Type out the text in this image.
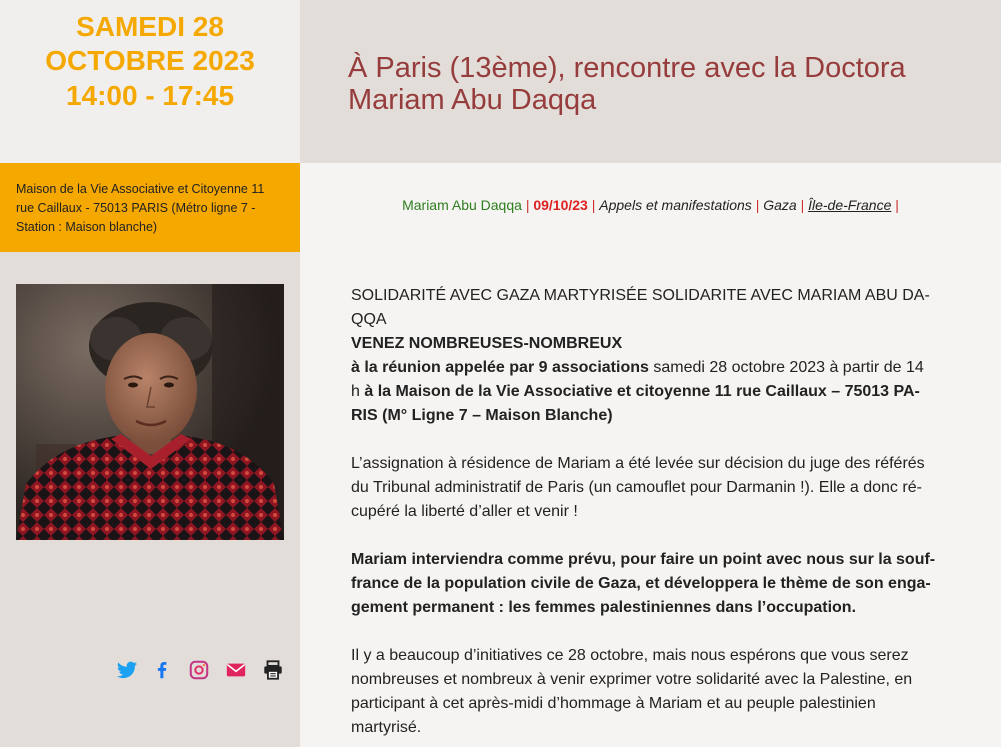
SAMEDI 28
OCTOBRE 2023
14:00 - 17:45
Maison de la Vie Associative et Citoyenne 11
rue Caillaux - 75013 PARIS (Métro ligne 7 -
Station : Maison blanche)
À Paris (13ème), rencontre avec la Doctora
Mariam Abu Daqqa
Mariam Abu Daqqa | 09/10/23 | Appels et manifestations | Gaza | Île-de-France |

SOLIDARITÉ AVEC GAZA MARTYRISÉE SOLIDARITE AVEC MARIAM ABU DA-
QQA
VENEZ NOMBREUSES-NOMBREUX
à la réunion appelée par 9 associations samedi 28 octobre 2023 à partir de 14
h à la Maison de la Vie Associative et citoyenne 11 rue Caillaux – 75013 PA-
RIS (M° Ligne 7 – Maison Blanche)

L’assignation à résidence de Mariam a été levée sur décision du juge des référés
du Tribunal administratif de Paris (un camouflet pour Darmanin !). Elle a donc ré-
cupéré la liberté d’aller et venir !

Mariam interviendra comme prévu, pour faire un point avec nous sur la souf-
france de la population civile de Gaza, et développera le thème de son enga-
gement permanent : les femmes palestiniennes dans l’occupation.

Il y a beaucoup d’initiatives ce 28 octobre, mais nous espérons que vous serez
nombreuses et nombreux à venir exprimer votre solidarité avec la Palestine, en
participant à cet après-midi d’hommage à Mariam et au peuple palestinien
martyrisé.
